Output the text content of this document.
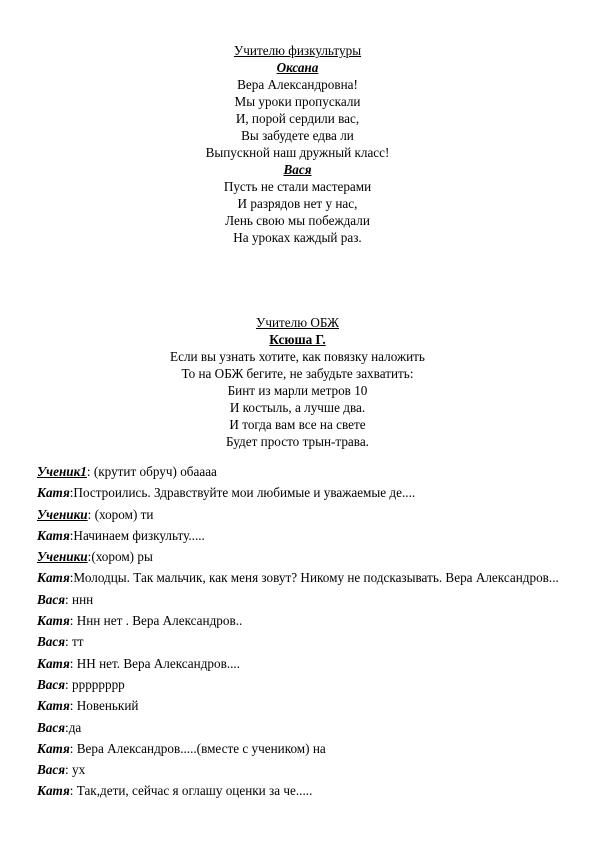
Учителю физкультуры
Оксана
Вера Александровна!
Мы уроки пропускали
И, порой сердили вас,
Вы забудете едва ли
Выпускной наш дружный класс!
Вася
Пусть не стали мастерами
И разрядов нет у нас,
Лень свою мы побеждали
На уроках каждый раз.
Учителю ОБЖ
Ксюша Г.
Если вы узнать хотите, как повязку наложить
То на ОБЖ бегите, не забудьте захватить:
Бинт из марли метров 10
И костыль, а лучше два.
И тогда вам все на свете
Будет просто трын-трава.
Ученик1: (крутит обруч) обаааа
Катя:Построились. Здравствуйте мои любимые и уважаемые де....
Ученики: (хором) ти
Катя:Начинаем физкульту.....
Ученики:(хором) ры
Катя:Молодцы. Так мальчик, как меня зовут? Никому не подсказывать. Вера Александров...
Вася: ннн
Катя: Ннн нет . Вера Александров..
Вася: тт
Катя: НН нет. Вера Александров....
Вася: рррррррр
Катя: Новенький
Вася:да
Катя: Вера Александров.....(вместе с учеником) на
Вася: ух
Катя: Так,дети, сейчас я оглашу оценки за че.....
